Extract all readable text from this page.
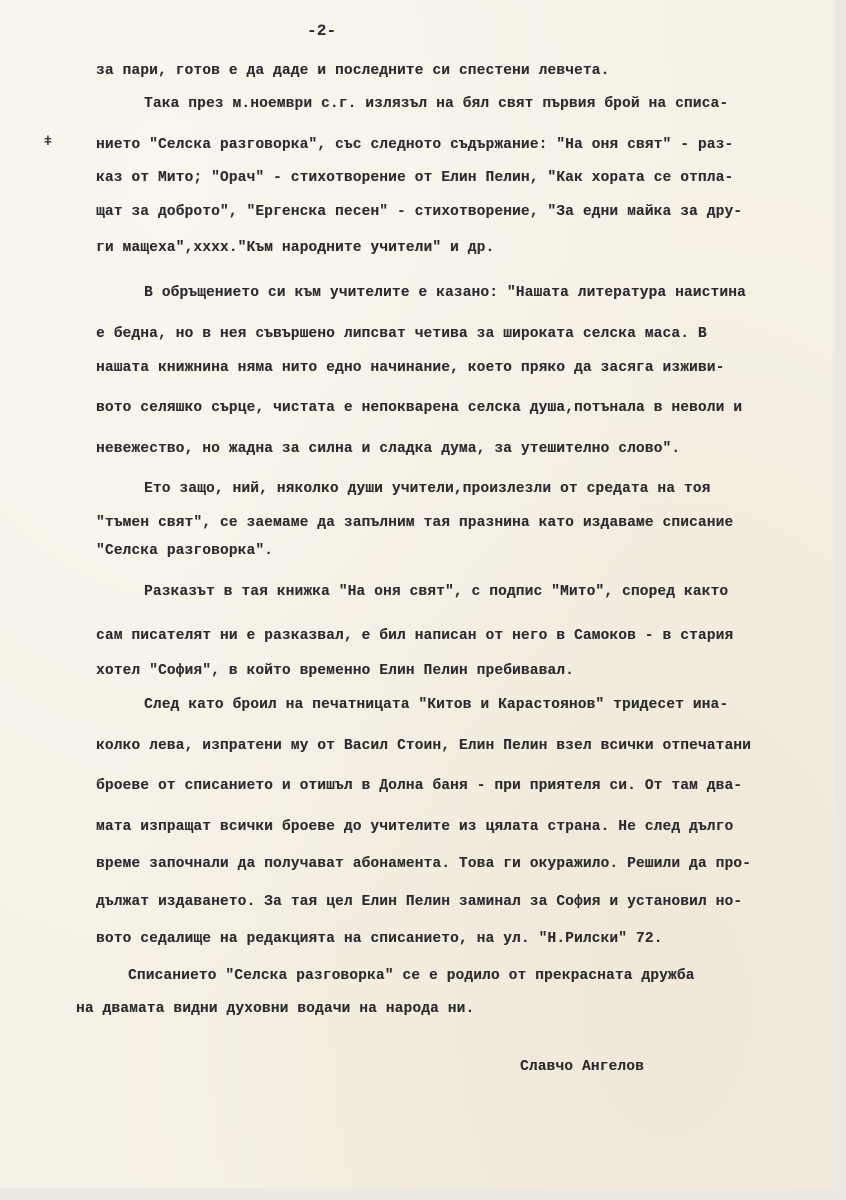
-2-
ǂ
за пари, готов е да даде и последните си спестени левчета.
Така през м.ноември с.г. излязъл на бял свят първия брой на списа-
нието "Селска разговорка", със следното съдържание: "На оня свят" - раз-
каз от Мито; "Орач" - стихотворение от Елин Пелин, "Как хората се отпла-
щат за доброто", "Ергенска песен" - стихотворение, "За едни майка за дру-
ги мащеха",xxxx."Към народните учители" и др.
В обръщението си към учителите е казано: "Нашата литература наистина
е бедна, но в нея съвършено липсват четива за широката селска маса. В
нашата книжнина няма нито едно начинание, което пряко да засяга изживи-
вото селяшко сърце, чистата е непокварена селска душа,потънала в неволи и
невежество, но жадна за силна и сладка дума, за утешително слово".
Ето защо, ний, няколко души учители,произлезли от средата на тоя
"тъмен свят", се заемаме да запълним тая празнина като издаваме списание
"Селска разговорка".
Разказът в тая книжка "На оня свят", с подпис "Мито", според както
сам писателят ни е разказвал, е бил написан от него в Самоков - в стария
хотел "София", в който временно Елин Пелин пребивавал.
След като броил на печатницата "Китов и Карастоянов" тридесет ина-
колко лева, изпратени му от Васил Стоин, Елин Пелин взел всички отпечатани
броеве от списанието и отишъл в Долна баня - при приятеля си. От там два-
мата изпращат всички броеве до учителите из цялата страна. Не след дълго
време започнали да получават абонамента. Това ги окуражило. Решили да про-
дължат издаването. За тая цел Елин Пелин заминал за София и установил но-
вото седалище на редакцията на списанието, на ул. "Н.Рилски" 72.
Списанието "Селска разговорка" се е родило от прекрасната дружба
на двамата видни духовни водачи на народа ни.
Славчо Ангелов
